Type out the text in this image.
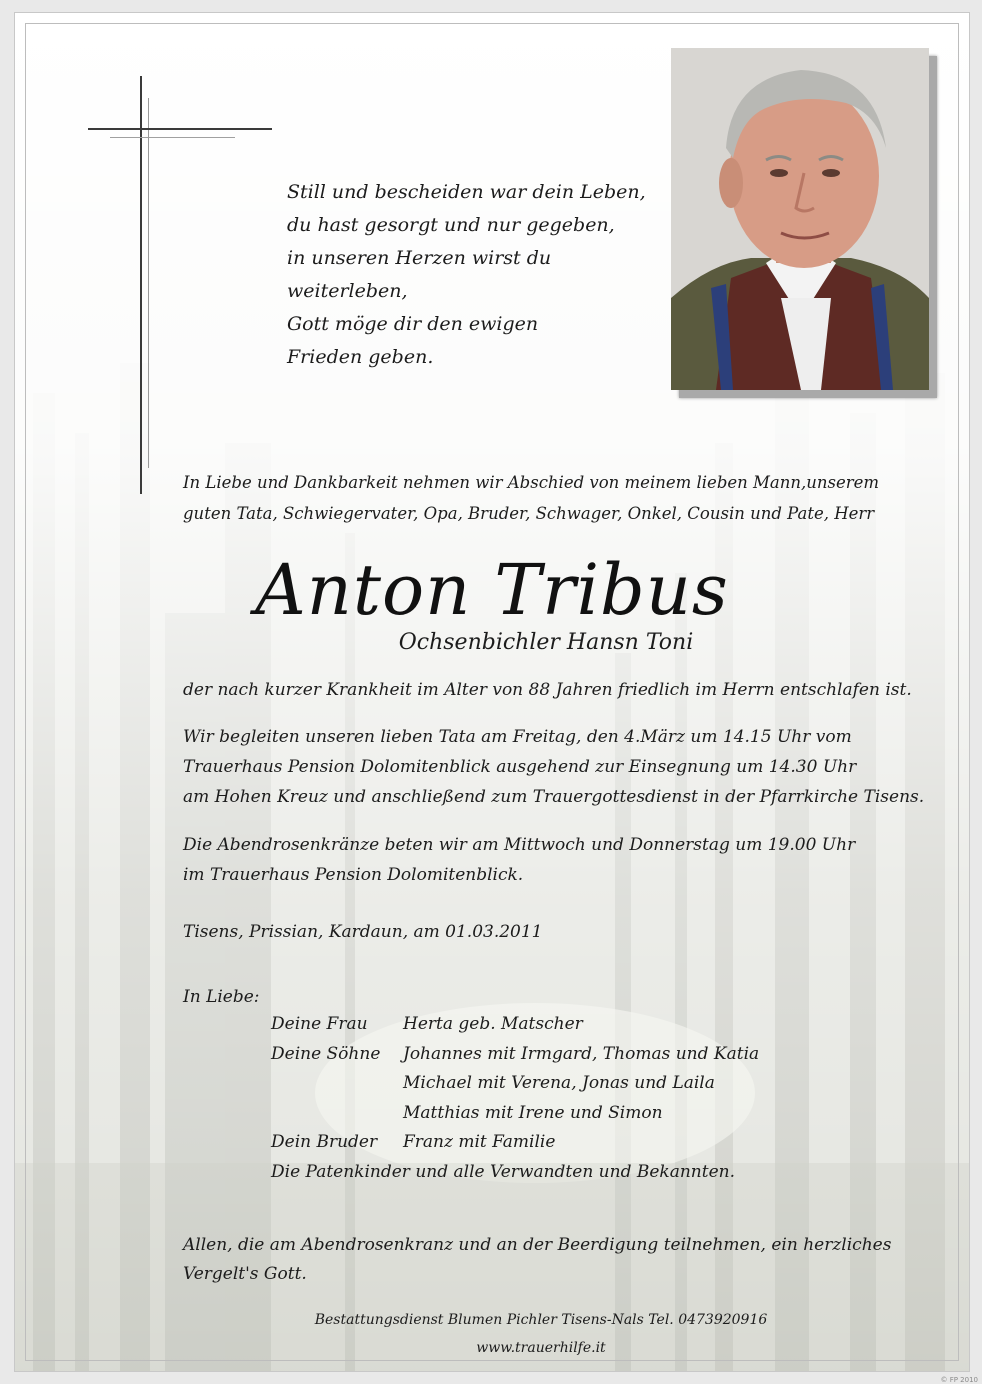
Still und bescheiden war dein Leben,
du hast gesorgt und nur gegeben,
in unseren Herzen wirst du
weiterleben,
Gott möge dir den ewigen
Frieden geben.
In Liebe und Dankbarkeit nehmen wir Abschied von meinem lieben Mann,unserem
guten Tata, Schwiegervater, Opa, Bruder, Schwager, Onkel, Cousin und Pate, Herr
Anton Tribus
Ochsenbichler Hansn Toni
der nach kurzer Krankheit im Alter von 88 Jahren friedlich im Herrn entschlafen ist.
Wir begleiten unseren lieben Tata am Freitag, den 4.März um 14.15 Uhr vom
Trauerhaus Pension Dolomitenblick ausgehend zur Einsegnung um 14.30 Uhr
am Hohen Kreuz und anschließend zum Trauergottesdienst in der Pfarrkirche Tisens.
Die Abendrosenkränze beten wir am Mittwoch und Donnerstag um 19.00 Uhr
im Trauerhaus Pension Dolomitenblick.
Tisens, Prissian, Kardaun, am 01.03.2011
In Liebe:
Deine Frau	Herta geb. Matscher
Deine Söhne	Johannes mit Irmgard, Thomas und Katia
Michael mit Verena, Jonas und Laila
Matthias mit Irene und Simon
Dein Bruder	Franz mit Familie
Die Patenkinder und alle Verwandten und Bekannten.
Allen, die am Abendrosenkranz und an der Beerdigung teilnehmen, ein herzliches
Vergelt's Gott.
Bestattungsdienst Blumen Pichler Tisens-Nals Tel. 0473920916
www.trauerhilfe.it
© FP 2010
